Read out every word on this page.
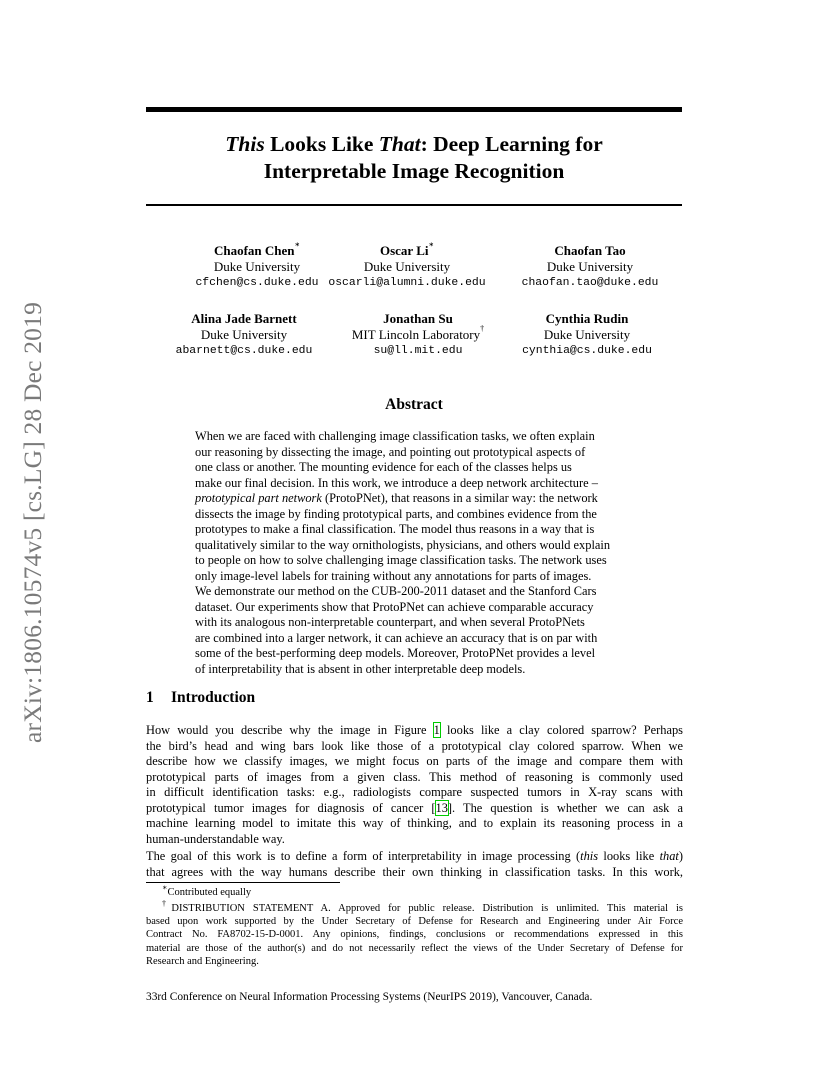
arXiv:1806.10574v5 [cs.LG] 28 Dec 2019
This Looks Like That: Deep Learning for
Interpretable Image Recognition
Chaofan Chen∗
Duke University
cfchen@cs.duke.edu
Oscar Li∗
Duke University
oscarli@alumni.duke.edu
Chaofan Tao
Duke University
chaofan.tao@duke.edu
Alina Jade Barnett
Duke University
abarnett@cs.duke.edu
Jonathan Su
MIT Lincoln Laboratory†
su@ll.mit.edu
Cynthia Rudin
Duke University
cynthia@cs.duke.edu
Abstract
When we are faced with challenging image classification tasks, we often explain
our reasoning by dissecting the image, and pointing out prototypical aspects of
one class or another. The mounting evidence for each of the classes helps us
make our final decision. In this work, we introduce a deep network architecture –
prototypical part network (ProtoPNet), that reasons in a similar way: the network
dissects the image by finding prototypical parts, and combines evidence from the
prototypes to make a final classification. The model thus reasons in a way that is
qualitatively similar to the way ornithologists, physicians, and others would explain
to people on how to solve challenging image classification tasks. The network uses
only image-level labels for training without any annotations for parts of images.
We demonstrate our method on the CUB-200-2011 dataset and the Stanford Cars
dataset. Our experiments show that ProtoPNet can achieve comparable accuracy
with its analogous non-interpretable counterpart, and when several ProtoPNets
are combined into a larger network, it can achieve an accuracy that is on par with
some of the best-performing deep models. Moreover, ProtoPNet provides a level
of interpretability that is absent in other interpretable deep models.
1 Introduction
How would you describe why the image in Figure 1 looks like a clay colored sparrow? Perhaps
the bird’s head and wing bars look like those of a prototypical clay colored sparrow. When we
describe how we classify images, we might focus on parts of the image and compare them with
prototypical parts of images from a given class. This method of reasoning is commonly used
in difficult identification tasks: e.g., radiologists compare suspected tumors in X-ray scans with
prototypical tumor images for diagnosis of cancer [13]. The question is whether we can ask a
machine learning model to imitate this way of thinking, and to explain its reasoning process in a
human-understandable way.
The goal of this work is to define a form of interpretability in image processing (this looks like that)
that agrees with the way humans describe their own thinking in classification tasks. In this work,
∗Contributed equally
†DISTRIBUTION STATEMENT A. Approved for public release. Distribution is unlimited. This material is
based upon work supported by the Under Secretary of Defense for Research and Engineering under Air Force
Contract No. FA8702-15-D-0001. Any opinions, findings, conclusions or recommendations expressed in this
material are those of the author(s) and do not necessarily reflect the views of the Under Secretary of Defense for
Research and Engineering.
33rd Conference on Neural Information Processing Systems (NeurIPS 2019), Vancouver, Canada.
